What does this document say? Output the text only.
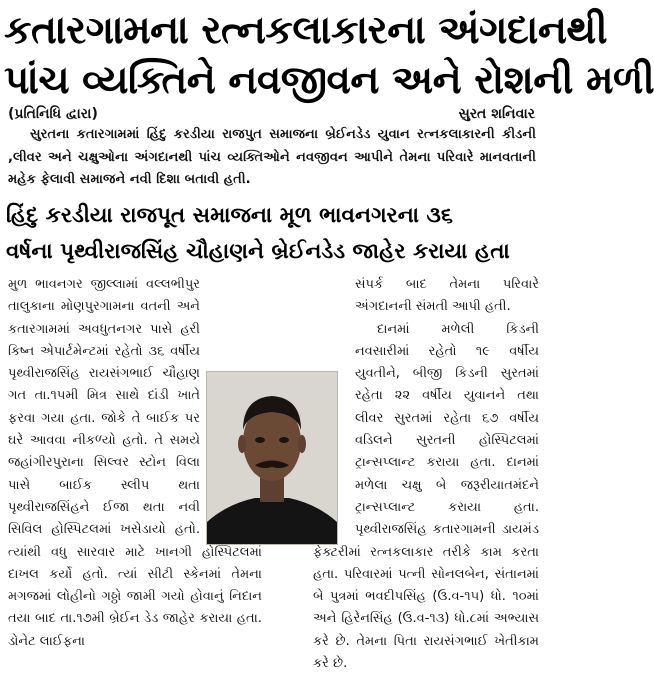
કતારગામના રત્નકલાકારના અંગદાનથી
પાંચ વ્યક્તિને નવજીવન અને રોશની મળી
(પ્રતિનિધિ દ્વારા)	સુરત શનિવાર

સુરતના કતારગામમાં હિંદુ કરડીયા રાજપુત સમાજના બ્રેઈનડેડ યુવાન રત્નકલાકારની કીડની ,લીવર અને ચક્ષુઓના અંગદાનથી પાંચ વ્યક્તિઓને નવજીવન આપીને તેમના પરિવારે માનવતાની મહેક ફેલાવી સમાજને નવી દિશા બતાવી હતી.

હિંદુ કરડીયા રાજપૂત સમાજના મૂળ ભાવનગરના ૩૬
વર્ષના પૃથ્વીરાજસિંહ ચૌહાણને બ્રેઈનડેડ જાહેર કરાયા હતા

મુળ ભાવનગર જીલ્લામાં વલ્લભીપુર તાલુકાના મોણપુરગામના વતની અને કતારગામમાં અવધુતનગર પાસે હરી કિષ્ન એપાર્ટમેન્ટમાં રહેતો ૩૬ વર્ષીય પૃથ્વીરાજસિંહ રાયસંગભાઈ ચૌહાણ ગત તા.૧૫મી મિત્ર સાથે દાંડી ખાતે ફરવા ગયા હતા. જોકે તે બાઈક પર ઘરે આવવા નીકળ્યો હતો. તે સમયે જહાંગીરપુરાના સિલ્વર સ્ટોન વિલા પાસે બાઈક સ્લીપ થતા પૃથ્વીરાજસિંહને ઈજા થતા નવી સિવિલ હોસ્પિટલમાં ખસેડાયો હતો. ત્યાંથી વધુ સારવાર માટે ખાનગી હોસ્પિટલમાં દાખલ કર્યો હતો. ત્યાં સીટી સ્કેનમાં તેમના મગજમાં લોહીનો ગઠ્ઠો જામી ગયો હોવાનું નિદાન તયા બાદ તા.૧૭મી બ્રેઈન ડેડ જાહેર કરાયા હતા. ડોનેટ લાઈફના

સંપર્ક બાદ તેમના પરિવારે અંગદાનની સંમતી આપી હતી.

દાનમાં મળેલી કિડની નવસારીમાં રહેતો ૧૯ વર્ષીય યુવતીને, બીજી કિડની સુરતમાં રહેતા ૨૨ વર્ષીય યુવાનને તથા લીવર સુરતમાં રહેતા ૬૭ વર્ષીય વડિલને સુરતની હોસ્પિટલમાં ટ્રાન્સપ્લાન્ટ કરાયા હતા. દાનમાં મળેલા ચક્ષુ બે જરૂરીયાતમંદને ટ્રાન્સપ્લાન્ટ કરાયા હતા. પૃથ્વીરાજસિંહ કતારગામની ડાયમંડ ફેક્ટરીમાં રત્નકલાકાર તરીકે કામ કરતા હતા. પરિવારમાં પત્ની સોનલબેન, સંતાનમાં બે પુત્રમાં ભવદીપસિંહ (ઉ.વ-૧૫) ધો. ૧૦માં અને હિરેનસિંહ (ઉ.વ-૧૩) ધો.૮માં અભ્યાસ કરે છે. તેમના પિતા રાયસંગભાઈ ખેતીકામ કરે છે.
